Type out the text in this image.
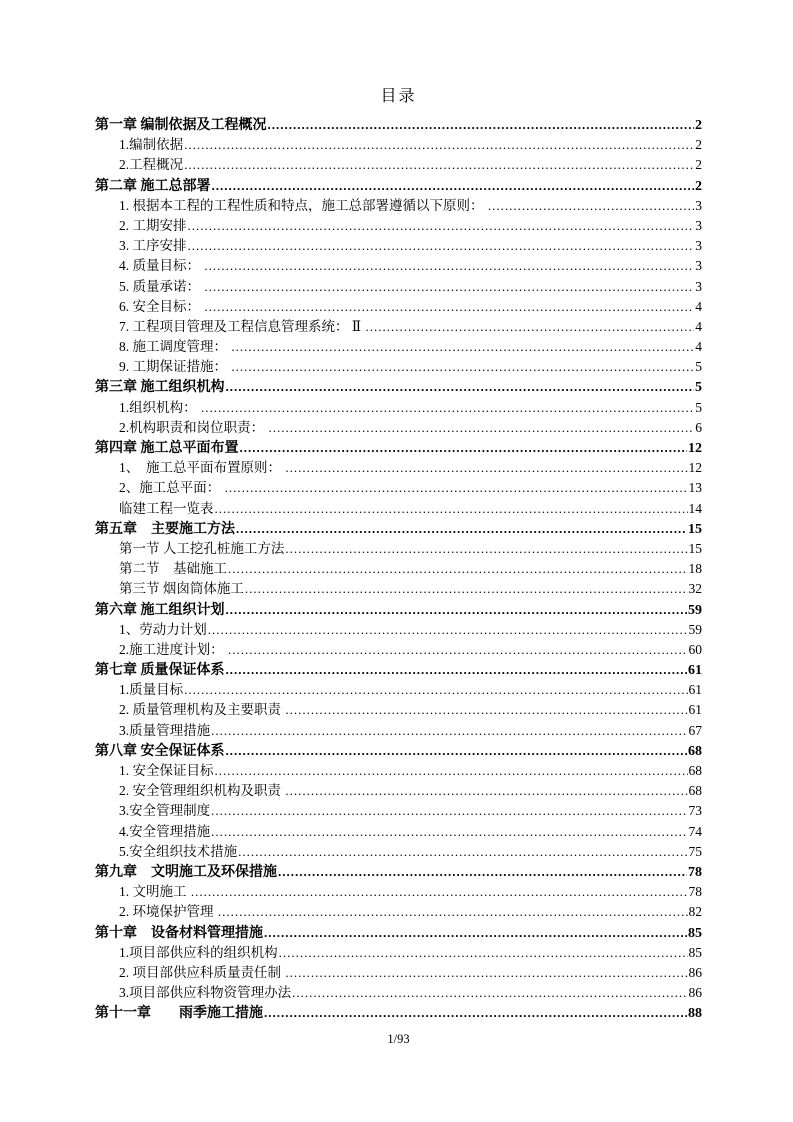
目录
第一章 编制依据及工程概况 .....	2
1.编制依据 .....	2
2.工程概况 .....	2
第二章 施工总部署 .....	2
1. 根据本工程的工程性质和特点，施工总部署遵循以下原则： .....	3
2. 工期安排 .....	3
3. 工序安排 .....	3
4. 质量目标： .....	3
5. 质量承诺： .....	3
6. 安全目标： .....	4
7. 工程项目管理及工程信息管理系统： Ⅱ .....	4
8. 施工调度管理： .....	4
9. 工期保证措施： .....	5
第三章 施工组织机构 .....	5
1.组织机构： .....	5
2.机构职责和岗位职责： .....	6
第四章 施工总平面布置 .....	12
1、　施工总平面布置原则： .....	12
2、施工总平面： .....	13
临建工程一览表 .....	14
第五章　主要施工方法 .....	15
第一节 人工挖孔桩施工方法 .....	15
第二节　基础施工 .....	18
第三节 烟囱筒体施工 .....	32
第六章 施工组织计划 .....	59
1、劳动力计划 .....	59
2.施工进度计划： .....	60
第七章 质量保证体系 .....	61
1.质量目标 .....	61
2. 质量管理机构及主要职责 .....	61
3.质量管理措施 .....	67
第八章 安全保证体系 .....	68
1. 安全保证目标 .....	68
2. 安全管理组织机构及职责 .....	68
3.安全管理制度 .....	73
4.安全管理措施 .....	74
5.安全组织技术措施 .....	75
第九章　文明施工及环保措施 .....	78
1. 文明施工 .....	78
2. 环境保护管理 .....	82
第十章　设备材料管理措施 .....	85
1.项目部供应科的组织机构 .....	85
2. 项目部供应科质量责任制 .....	86
3.项目部供应科物资管理办法 .....	86
第十一章　　雨季施工措施 .....	88
1/93
